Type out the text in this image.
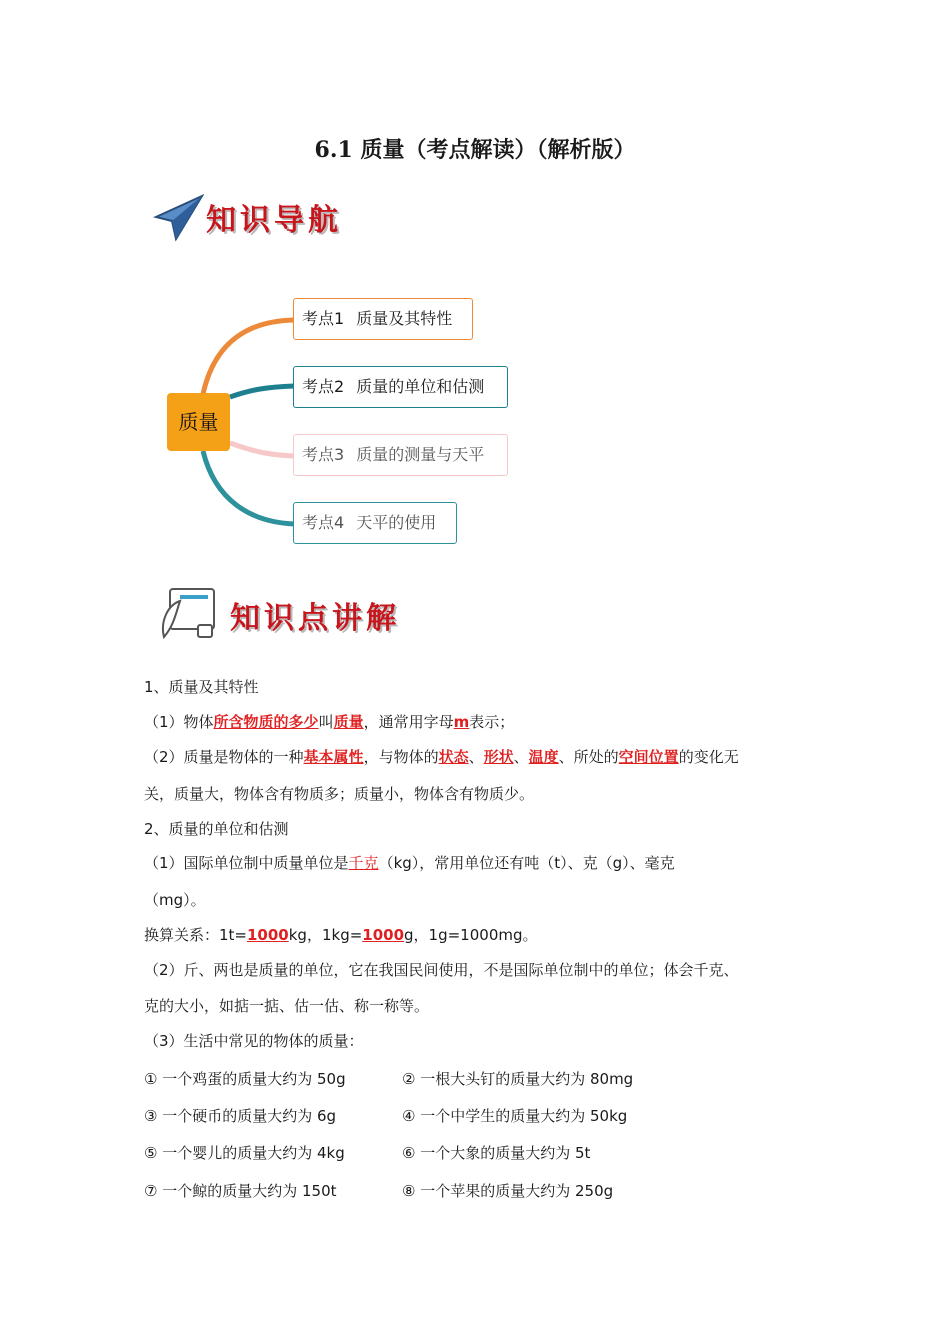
6.1 质量（考点解读）（解析版）
知识导航
质量
考点1 质量及其特性
考点2 质量的单位和估测
考点3 质量的测量与天平
考点4 天平的使用
知识点讲解
1、质量及其特性
（1）物体所含物质的多少叫质量，通常用字母m表示；
（2）质量是物体的一种基本属性，与物体的状态、形状、温度、所处的空间位置的变化无
关，质量大，物体含有物质多；质量小，物体含有物质少。
2、质量的单位和估测
（1）国际单位制中质量单位是千克（kg），常用单位还有吨（t）、克（g）、毫克
（mg）。
换算关系：1t=1000kg，1kg=1000g，1g=1000mg。
（2）斤、两也是质量的单位，它在我国民间使用，不是国际单位制中的单位；体会千克、
克的大小，如掂一掂、估一估、称一称等。
（3）生活中常见的物体的质量：
① 一个鸡蛋的质量大约为 50g	② 一根大头钉的质量大约为 80mg
③ 一个硬币的质量大约为 6g	④ 一个中学生的质量大约为 50kg
⑤ 一个婴儿的质量大约为 4kg	⑥ 一个大象的质量大约为 5t
⑦ 一个鲸的质量大约为 150t	⑧ 一个苹果的质量大约为 250g
